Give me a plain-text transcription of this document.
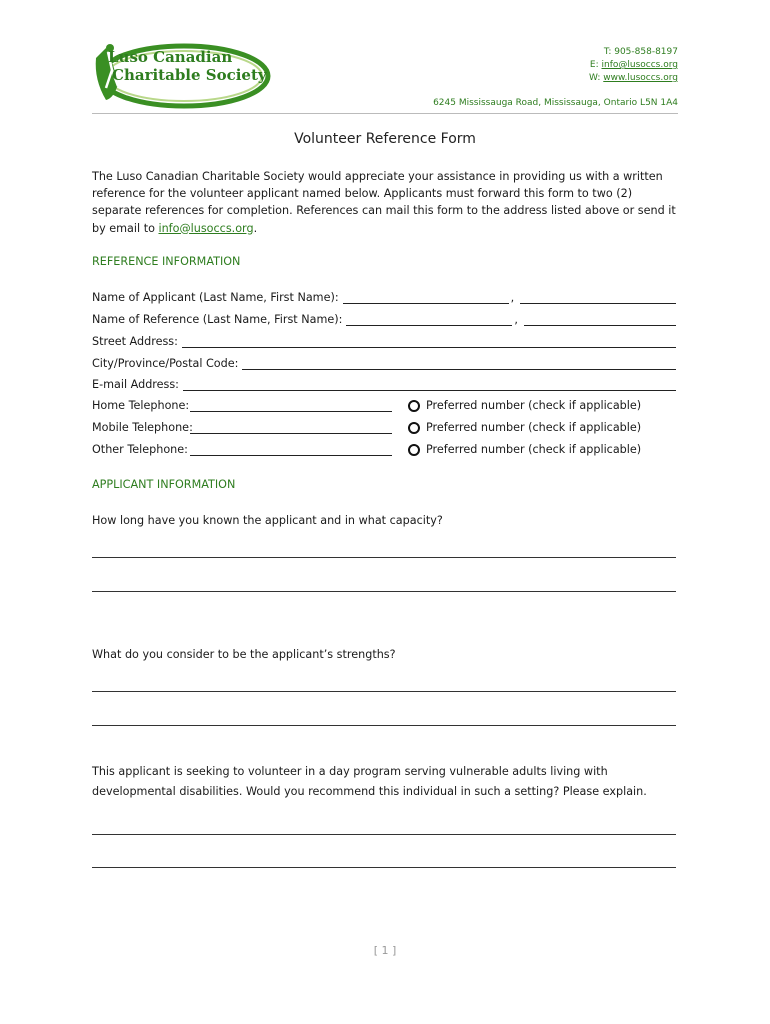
Luso Canadian
Charitable Society
T: 905-858-8197
E: info@lusoccs.org
W: www.lusoccs.org
6245 Mississauga Road, Mississauga, Ontario L5N 1A4
Volunteer Reference Form
The Luso Canadian Charitable Society would appreciate your assistance in providing us with a written reference for the volunteer applicant named below. Applicants must forward this form to two (2) separate references for completion. References can mail this form to the address listed above or send it by email to info@lusoccs.org.
REFERENCE INFORMATION
Name of Applicant (Last Name, First Name):	,
Name of Reference (Last Name, First Name):	,
Street Address:
City/Province/Postal Code:
E-mail Address:
Home Telephone:	Preferred number (check if applicable)
Mobile Telephone:	Preferred number (check if applicable)
Other Telephone:	Preferred number (check if applicable)
APPLICANT INFORMATION
How long have you known the applicant and in what capacity?
What do you consider to be the applicant’s strengths?
This applicant is seeking to volunteer in a day program serving vulnerable adults living with developmental disabilities. Would you recommend this individual in such a setting? Please explain.
[ 1 ]
